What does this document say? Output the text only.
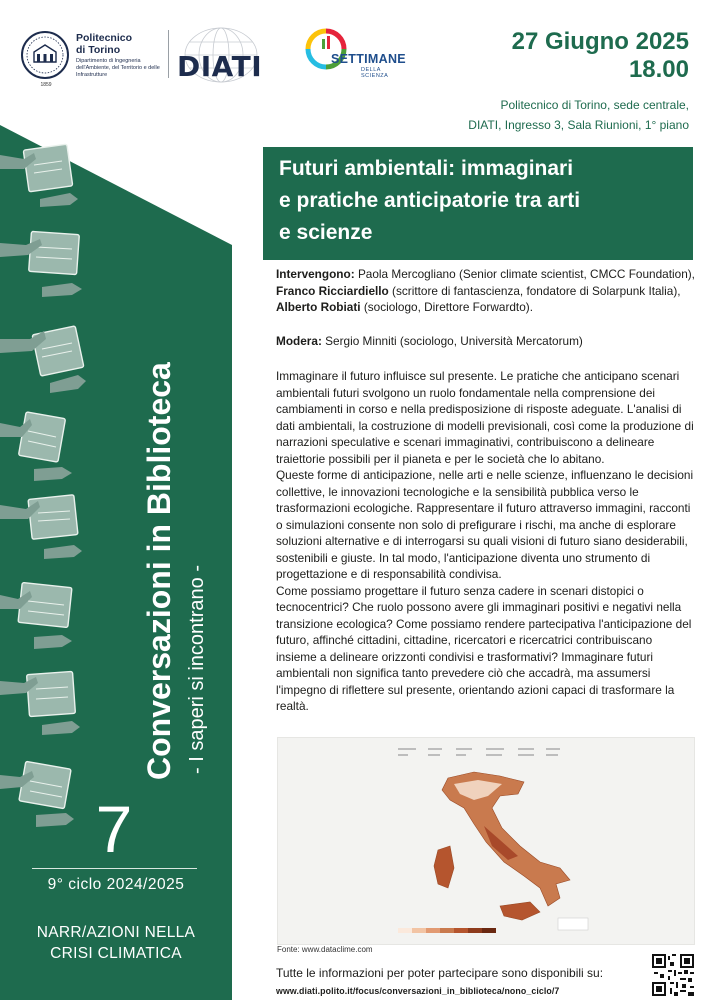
1859
Politecnico
di Torino
Dipartimento di Ingegneria dell'Ambiente, del Territorio e delle Infrastrutture	DIATI	SETTIMANE
DELLA SCIENZA
27 Giugno 2025
18.00
Politecnico di Torino, sede centrale,
DIATI, Ingresso 3, Sala Riunioni, 1° piano
Conversazioni in Biblioteca - I saperi si incontrano -
7
9° ciclo 2024/2025
NARR/AZIONI NELLA
CRISI CLIMATICA
Futuri ambientali: immaginari
e pratiche anticipatorie tra arti
e scienze
Intervengono: Paola Mercogliano (Senior climate scientist, CMCC Foundation), Franco Ricciardiello (scrittore di fantascienza, fondatore di Solarpunk Italia), Alberto Robiati (sociologo, Direttore Forwardto).
Modera: Sergio Minniti (sociologo, Università Mercatorum)

Immaginare il futuro influisce sul presente. Le pratiche che anticipano scenari ambientali futuri svolgono un ruolo fondamentale nella comprensione dei cambiamenti in corso e nella predisposizione di risposte adeguate. L'analisi di dati ambientali, la costruzione di modelli previsionali, così come la produzione di narrazioni speculative e scenari immaginativi, contribuiscono a delineare traiettorie possibili per il pianeta e per le società che lo abitano.

Queste forme di anticipazione, nelle arti e nelle scienze, influenzano le decisioni collettive, le innovazioni tecnologiche e la sensibilità pubblica verso le trasformazioni ecologiche. Rappresentare il futuro attraverso immagini, racconti o simulazioni consente non solo di prefigurare i rischi, ma anche di esplorare soluzioni alternative e di interrogarsi su quali visioni di futuro siano desiderabili, sostenibili e giuste. In tal modo, l'anticipazione diventa uno strumento di progettazione e di responsabilità condivisa.

Come possiamo progettare il futuro senza cadere in scenari distopici o tecnocentrici? Che ruolo possono avere gli immaginari positivi e negativi nella transizione ecologica? Come possiamo rendere partecipativa l'anticipazione del futuro, affinché cittadini, cittadine, ricercatori e ricercatrici contribuiscano insieme a delineare orizzonti condivisi e trasformativi? Immaginare futuri ambientali non significa tanto prevedere ciò che accadrà, ma assumersi l'impegno di riflettere sul presente, orientando azioni capaci di trasformare la realtà.

Fonte: www.dataclime.com
Tutte le informazioni per poter partecipare sono disponibili su:
www.diati.polito.it/focus/conversazioni_in_biblioteca/nono_ciclo/7
